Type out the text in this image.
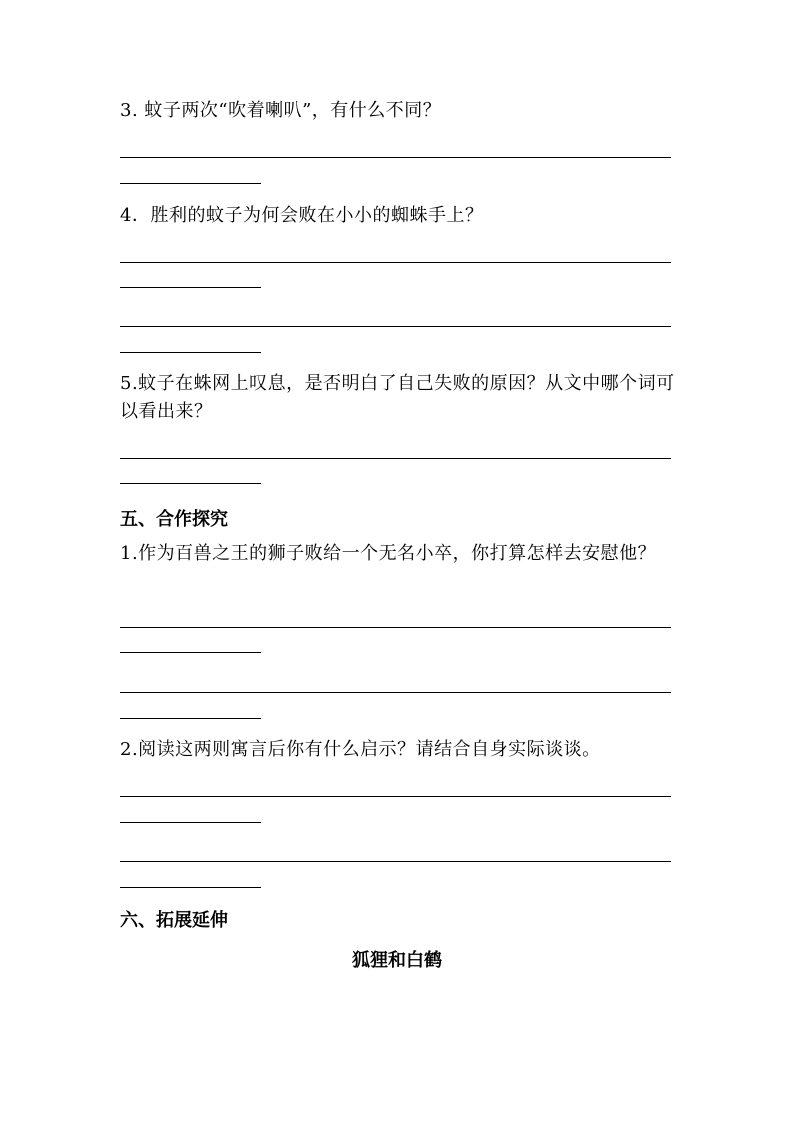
3. 蚊子两次“吹着喇叭”，有什么不同？
4．胜利的蚊子为何会败在小小的蜘蛛手上？
5.蚊子在蛛网上叹息，是否明白了自己失败的原因？从文中哪个词可以看出来？
五、合作探究
1.作为百兽之王的狮子败给一个无名小卒，你打算怎样去安慰他？
2.阅读这两则寓言后你有什么启示？请结合自身实际谈谈。
六、拓展延伸
狐狸和白鹤
